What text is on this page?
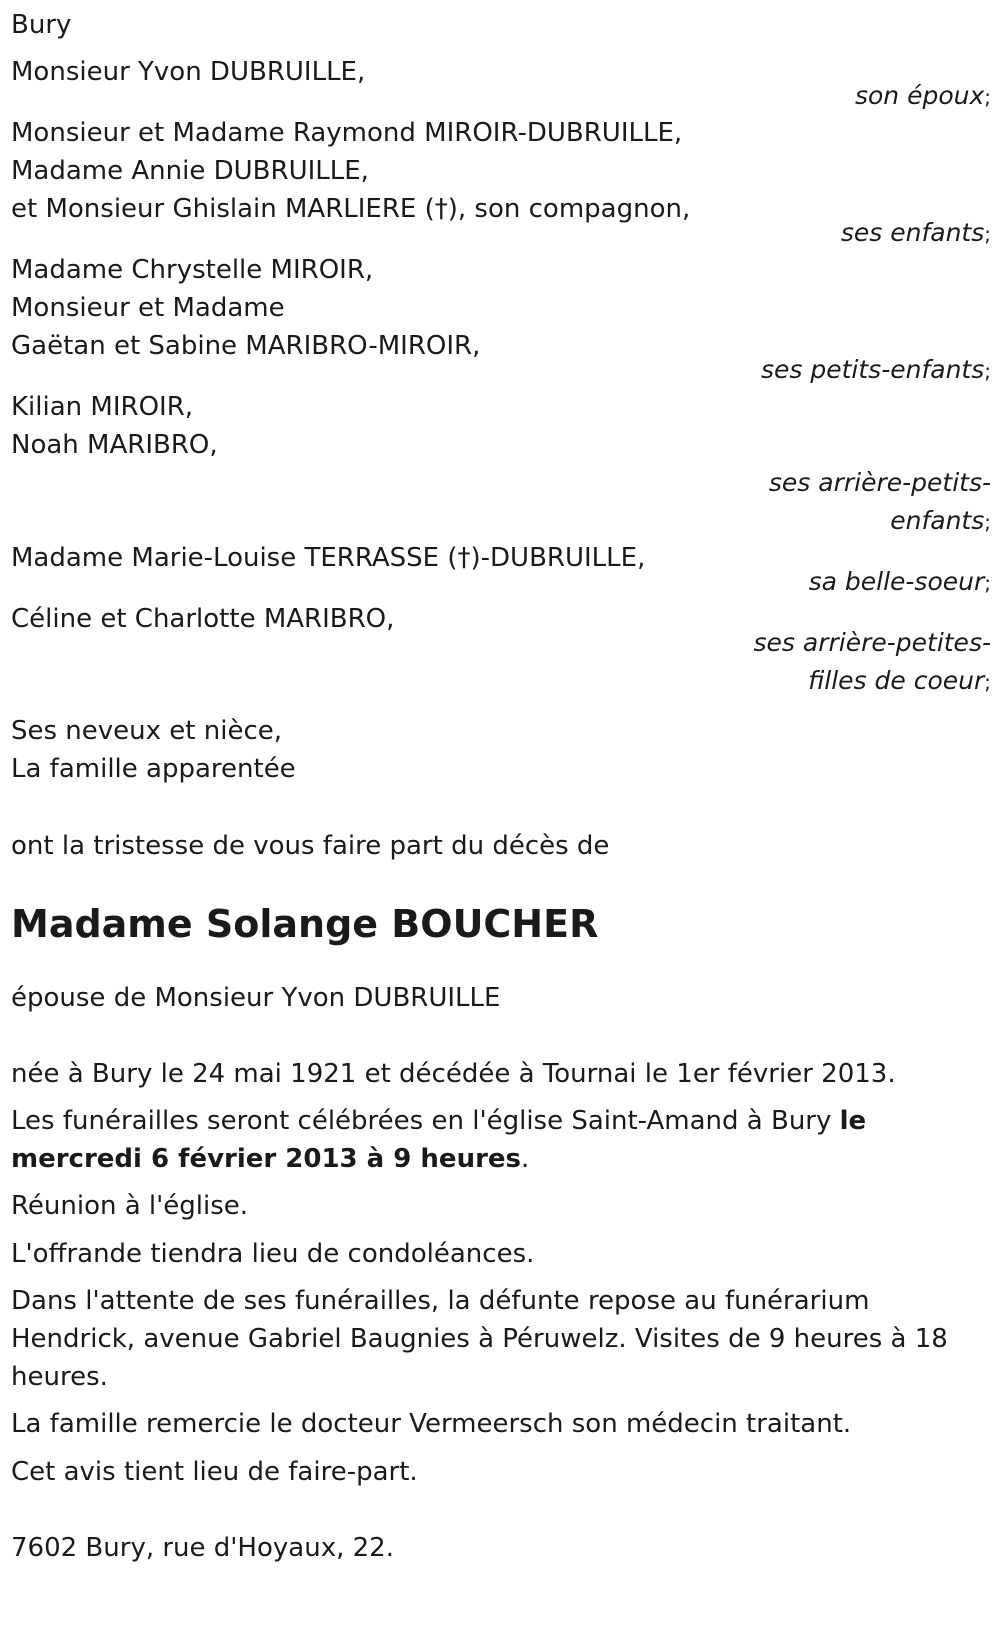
Bury
Monsieur Yvon DUBRUILLE,
son époux;
Monsieur et Madame Raymond MIROIR-DUBRUILLE,
Madame Annie DUBRUILLE,
et Monsieur Ghislain MARLIERE (†), son compagnon,
ses enfants;
Madame Chrystelle MIROIR,
Monsieur et Madame
Gaëtan et Sabine MARIBRO-MIROIR,
ses petits-enfants;
Kilian MIROIR,
Noah MARIBRO,
ses arrière-petits-
enfants;
Madame Marie-Louise TERRASSE (†)-DUBRUILLE,
sa belle-soeur;
Céline et Charlotte MARIBRO,
ses arrière-petites-
filles de coeur;
Ses neveux et nièce,
La famille apparentée

ont la tristesse de vous faire part du décès de

Madame Solange BOUCHER

épouse de Monsieur Yvon DUBRUILLE

née à Bury le 24 mai 1921 et décédée à Tournai le 1er février 2013.

Les funérailles seront célébrées en l'église Saint-Amand à Bury le mercredi 6 février 2013 à 9 heures.

Réunion à l'église.

L'offrande tiendra lieu de condoléances.

Dans l'attente de ses funérailles, la défunte repose au funérarium Hendrick, avenue Gabriel Baugnies à Péruwelz. Visites de 9 heures à 18 heures.

La famille remercie le docteur Vermeersch son médecin traitant.

Cet avis tient lieu de faire-part.

7602 Bury, rue d'Hoyaux, 22.
